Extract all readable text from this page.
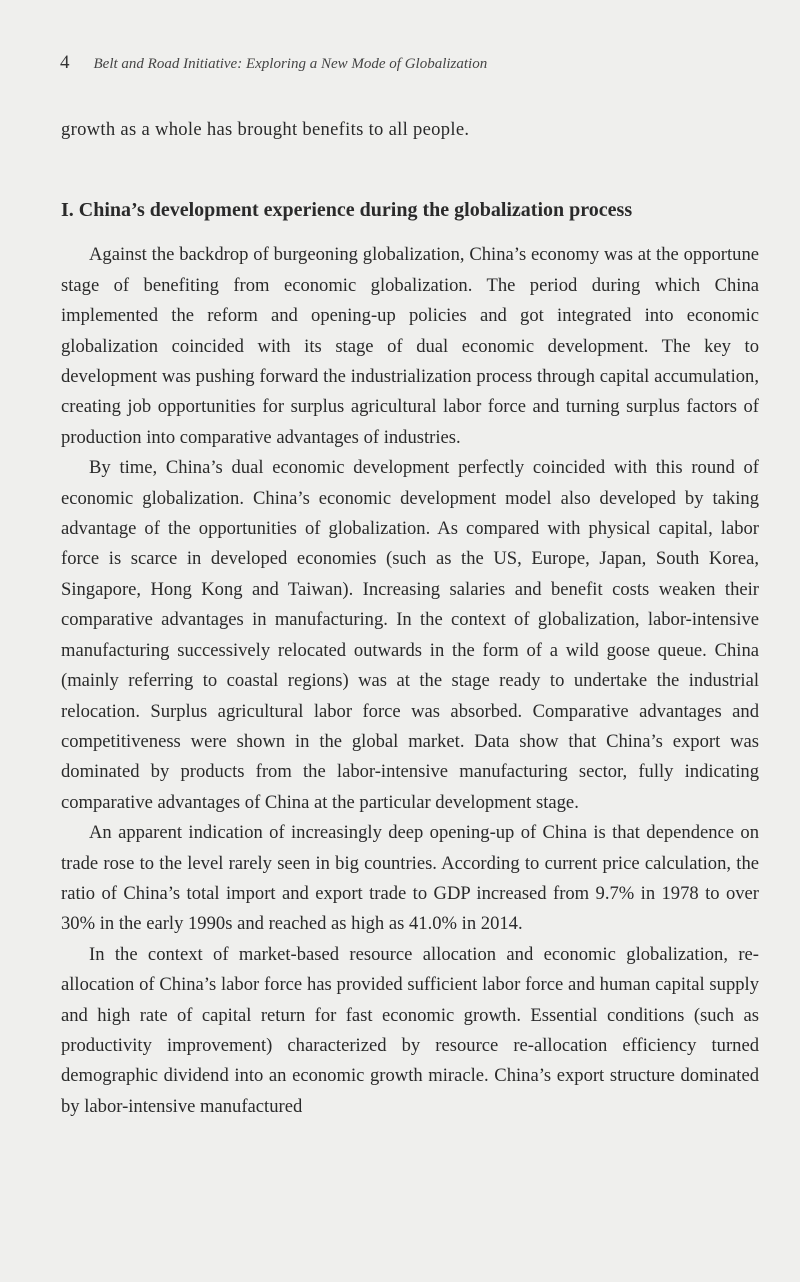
4 Belt and Road Initiative: Exploring a New Mode of Globalization

growth as a whole has brought benefits to all people.

I. China’s development experience during the globalization process

Against the backdrop of burgeoning globalization, China’s economy was at the opportune stage of benefiting from economic globalization. The period during which China implemented the reform and opening-up policies and got integrated into economic globalization coincided with its stage of dual economic development. The key to development was pushing forward the industrialization process through capital accumulation, creating job opportunities for surplus agricultural labor force and turning surplus factors of production into comparative advantages of industries.

By time, China’s dual economic development perfectly coincided with this round of economic globalization. China’s economic development model also developed by taking advantage of the opportunities of globalization. As compared with physical capital, labor force is scarce in developed economies (such as the US, Europe, Japan, South Korea, Singapore, Hong Kong and Taiwan). Increasing salaries and benefit costs weaken their comparative advantages in manufacturing. In the context of globalization, labor-intensive manufacturing successively relocated outwards in the form of a wild goose queue. China (mainly referring to coastal regions) was at the stage ready to undertake the industrial relocation. Surplus agricultural labor force was absorbed. Comparative advantages and competitiveness were shown in the global market. Data show that China’s export was dominated by products from the labor-intensive manufacturing sector, fully indicating comparative advantages of China at the particular development stage.

An apparent indication of increasingly deep opening-up of China is that dependence on trade rose to the level rarely seen in big countries. According to current price calculation, the ratio of China’s total import and export trade to GDP increased from 9.7% in 1978 to over 30% in the early 1990s and reached as high as 41.0% in 2014.

In the context of market-based resource allocation and economic globalization, re-allocation of China’s labor force has provided sufficient labor force and human capital supply and high rate of capital return for fast economic growth. Essential conditions (such as productivity improvement) characterized by resource re-allocation efficiency turned demographic dividend into an economic growth miracle. China’s export structure dominated by labor-intensive manufactured
